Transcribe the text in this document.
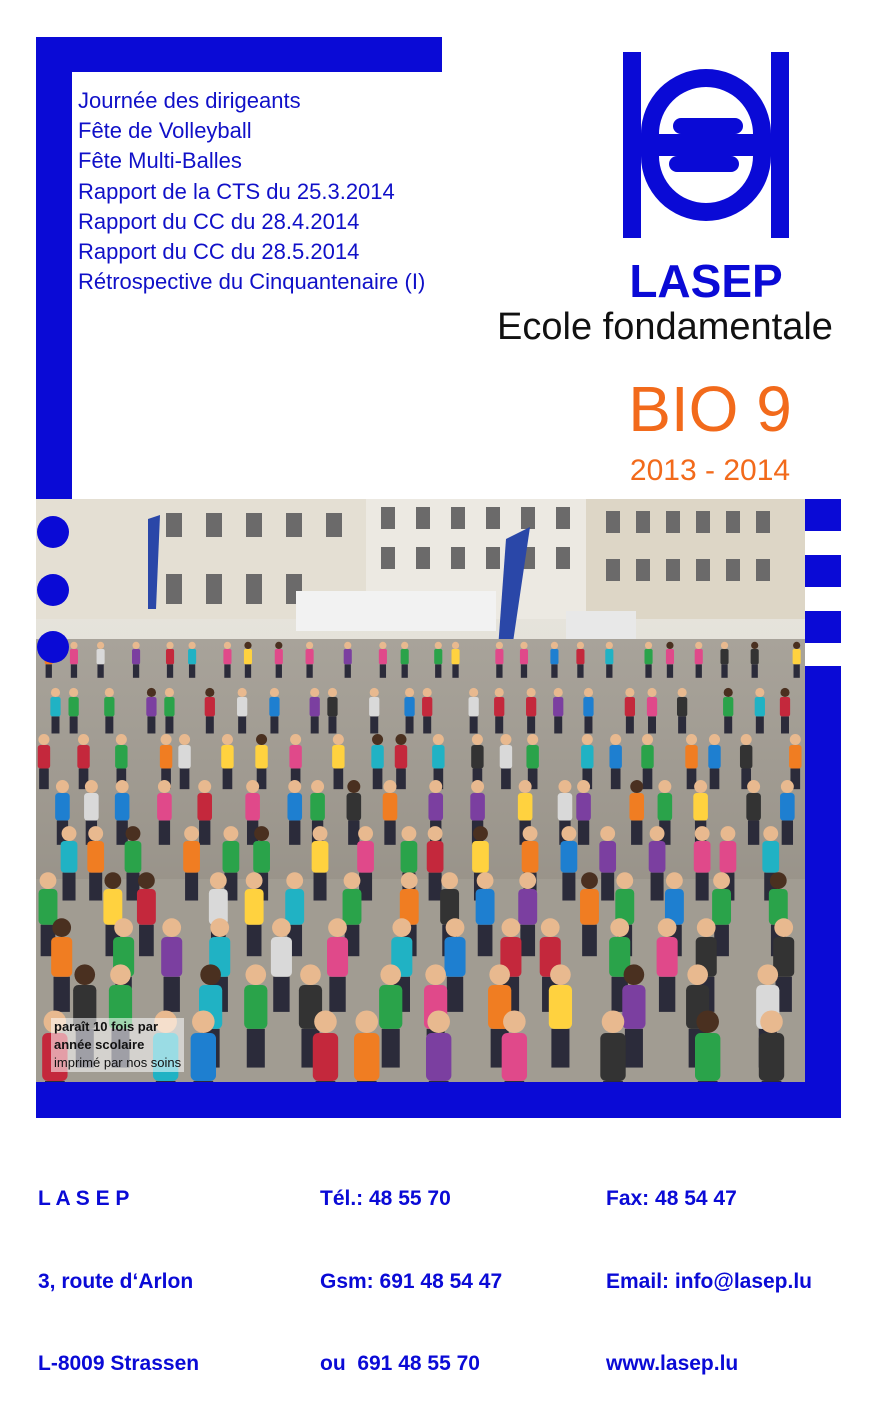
Journée des dirigeants
Fête de Volleyball
Fête Multi-Balles
Rapport de la CTS du 25.3.2014
Rapport du CC du 28.4.2014
Rapport du CC du 28.5.2014
Rétrospective du Cinquantenaire (I)	LASEP
Ecole fondamentale
BIO 9
2013 - 2014
paraît 10 fois par
année scolaire
imprimé par nos soins

L A S E P

3, route d‘Arlon

L-8009 Strassen

Tél.: 48 55 70

Gsm: 691 48 54 47

ou  691 48 55 70

Fax: 48 54 47

Email: info@lasep.lu

www.lasep.lu
